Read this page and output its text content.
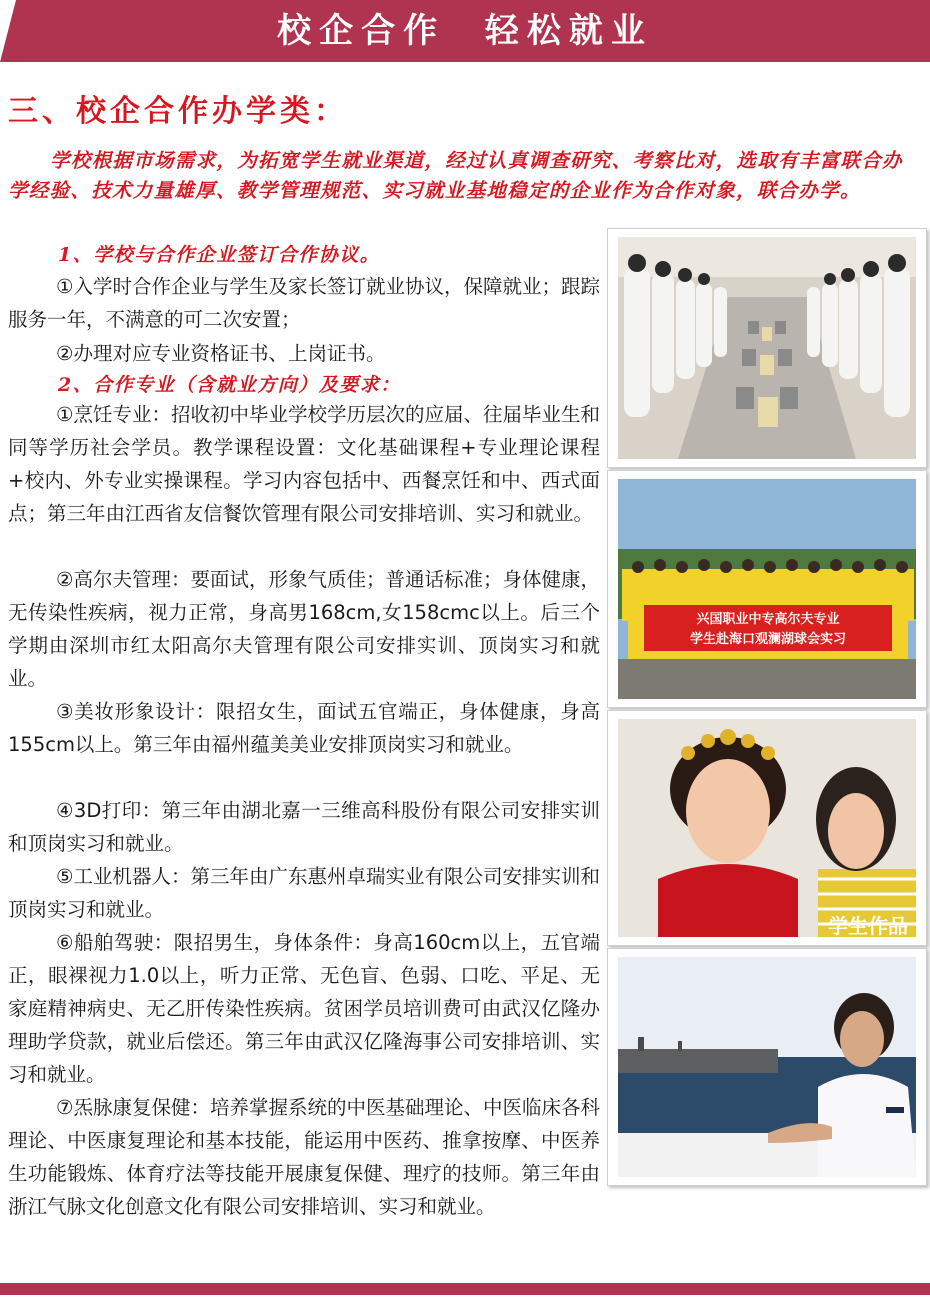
校企合作  轻松就业
三、校企合作办学类：

学校根据市场需求，为拓宽学生就业渠道，经过认真调查研究、考察比对，选取有丰富联合办学经验、技术力量雄厚、教学管理规范、实习就业基地稳定的企业作为合作对象，联合办学。

1、学校与合作企业签订合作协议。

①入学时合作企业与学生及家长签订就业协议，保障就业；跟踪服务一年，不满意的可二次安置；

②办理对应专业资格证书、上岗证书。

2、合作专业（含就业方向）及要求：

①烹饪专业：招收初中毕业学校学历层次的应届、往届毕业生和同等学历社会学员。教学课程设置：文化基础课程+专业理论课程+校内、外专业实操课程。学习内容包括中、西餐烹饪和中、西式面点；第三年由江西省友信餐饮管理有限公司安排培训、实习和就业。

②高尔夫管理：要面试，形象气质佳；普通话标准；身体健康，无传染性疾病，视力正常，身高男168cm,女158cmc以上。后三个学期由深圳市红太阳高尔夫管理有限公司安排实训、顶岗实习和就业。

③美妆形象设计：限招女生，面试五官端正，身体健康，身高155cm以上。第三年由福州蕴美美业安排顶岗实习和就业。

④3D打印：第三年由湖北嘉一三维高科股份有限公司安排实训和顶岗实习和就业。

⑤工业机器人：第三年由广东惠州卓瑞实业有限公司安排实训和顶岗实习和就业。

⑥船舶驾驶：限招男生，身体条件：身高160cm以上，五官端正，眼裸视力1.0以上，听力正常、无色盲、色弱、口吃、平足、无家庭精神病史、无乙肝传染性疾病。贫困学员培训费可由武汉亿隆办理助学贷款，就业后偿还。第三年由武汉亿隆海事公司安排培训、实习和就业。

⑦炁脉康复保健：培养掌握系统的中医基础理论、中医临床各科理论、中医康复理论和基本技能，能运用中医药、推拿按摩、中医养生功能锻炼、体育疗法等技能开展康复保健、理疗的技师。第三年由浙江气脉文化创意文化有限公司安排培训、实习和就业。

兴国职业中专高尔夫专业
学生赴海口观澜湖球会实习
学生作品
